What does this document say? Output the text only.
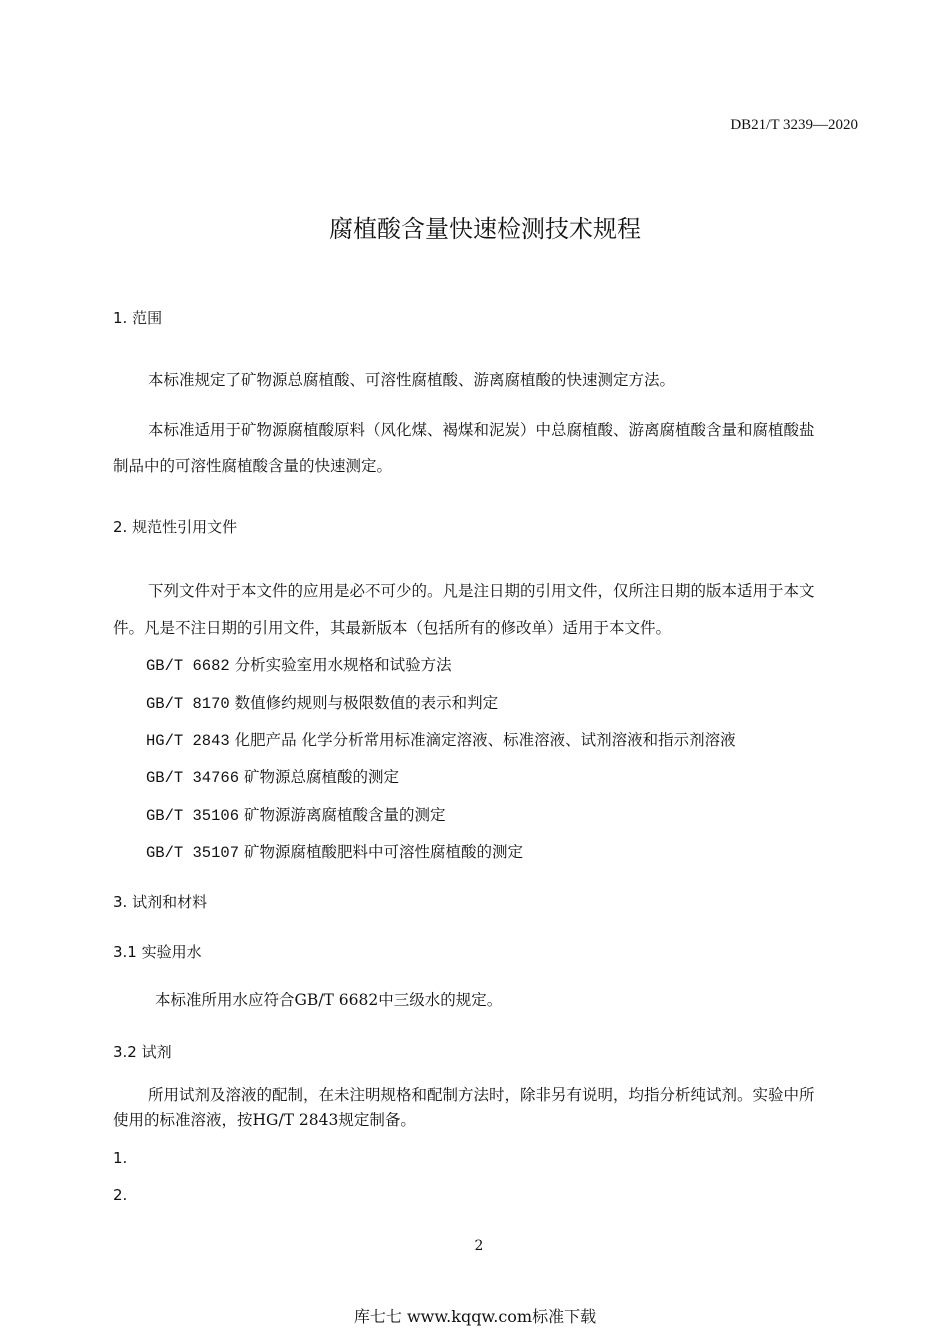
DB21/T 3239—2020
腐植酸含量快速检测技术规程
1. 范围
本标准规定了矿物源总腐植酸、可溶性腐植酸、游离腐植酸的快速测定方法。
本标准适用于矿物源腐植酸原料（风化煤、褐煤和泥炭）中总腐植酸、游离腐植酸含量和腐植酸盐
制品中的可溶性腐植酸含量的快速测定。
2. 规范性引用文件
下列文件对于本文件的应用是必不可少的。凡是注日期的引用文件，仅所注日期的版本适用于本文
件。凡是不注日期的引用文件，其最新版本（包括所有的修改单）适用于本文件。
GB/T 6682 分析实验室用水规格和试验方法
GB/T 8170 数值修约规则与极限数值的表示和判定
HG/T 2843 化肥产品 化学分析常用标准滴定溶液、标准溶液、试剂溶液和指示剂溶液
GB/T 34766 矿物源总腐植酸的测定
GB/T 35106 矿物源游离腐植酸含量的测定
GB/T 35107 矿物源腐植酸肥料中可溶性腐植酸的测定
3. 试剂和材料
3.1 实验用水
本标准所用水应符合GB/T 6682中三级水的规定。
3.2 试剂
所用试剂及溶液的配制，在未注明规格和配制方法时，除非另有说明，均指分析纯试剂。实验中所
使用的标准溶液，按HG/T 2843规定制备。
1.
2.
2
库七七 www.kqqw.com标准下载
